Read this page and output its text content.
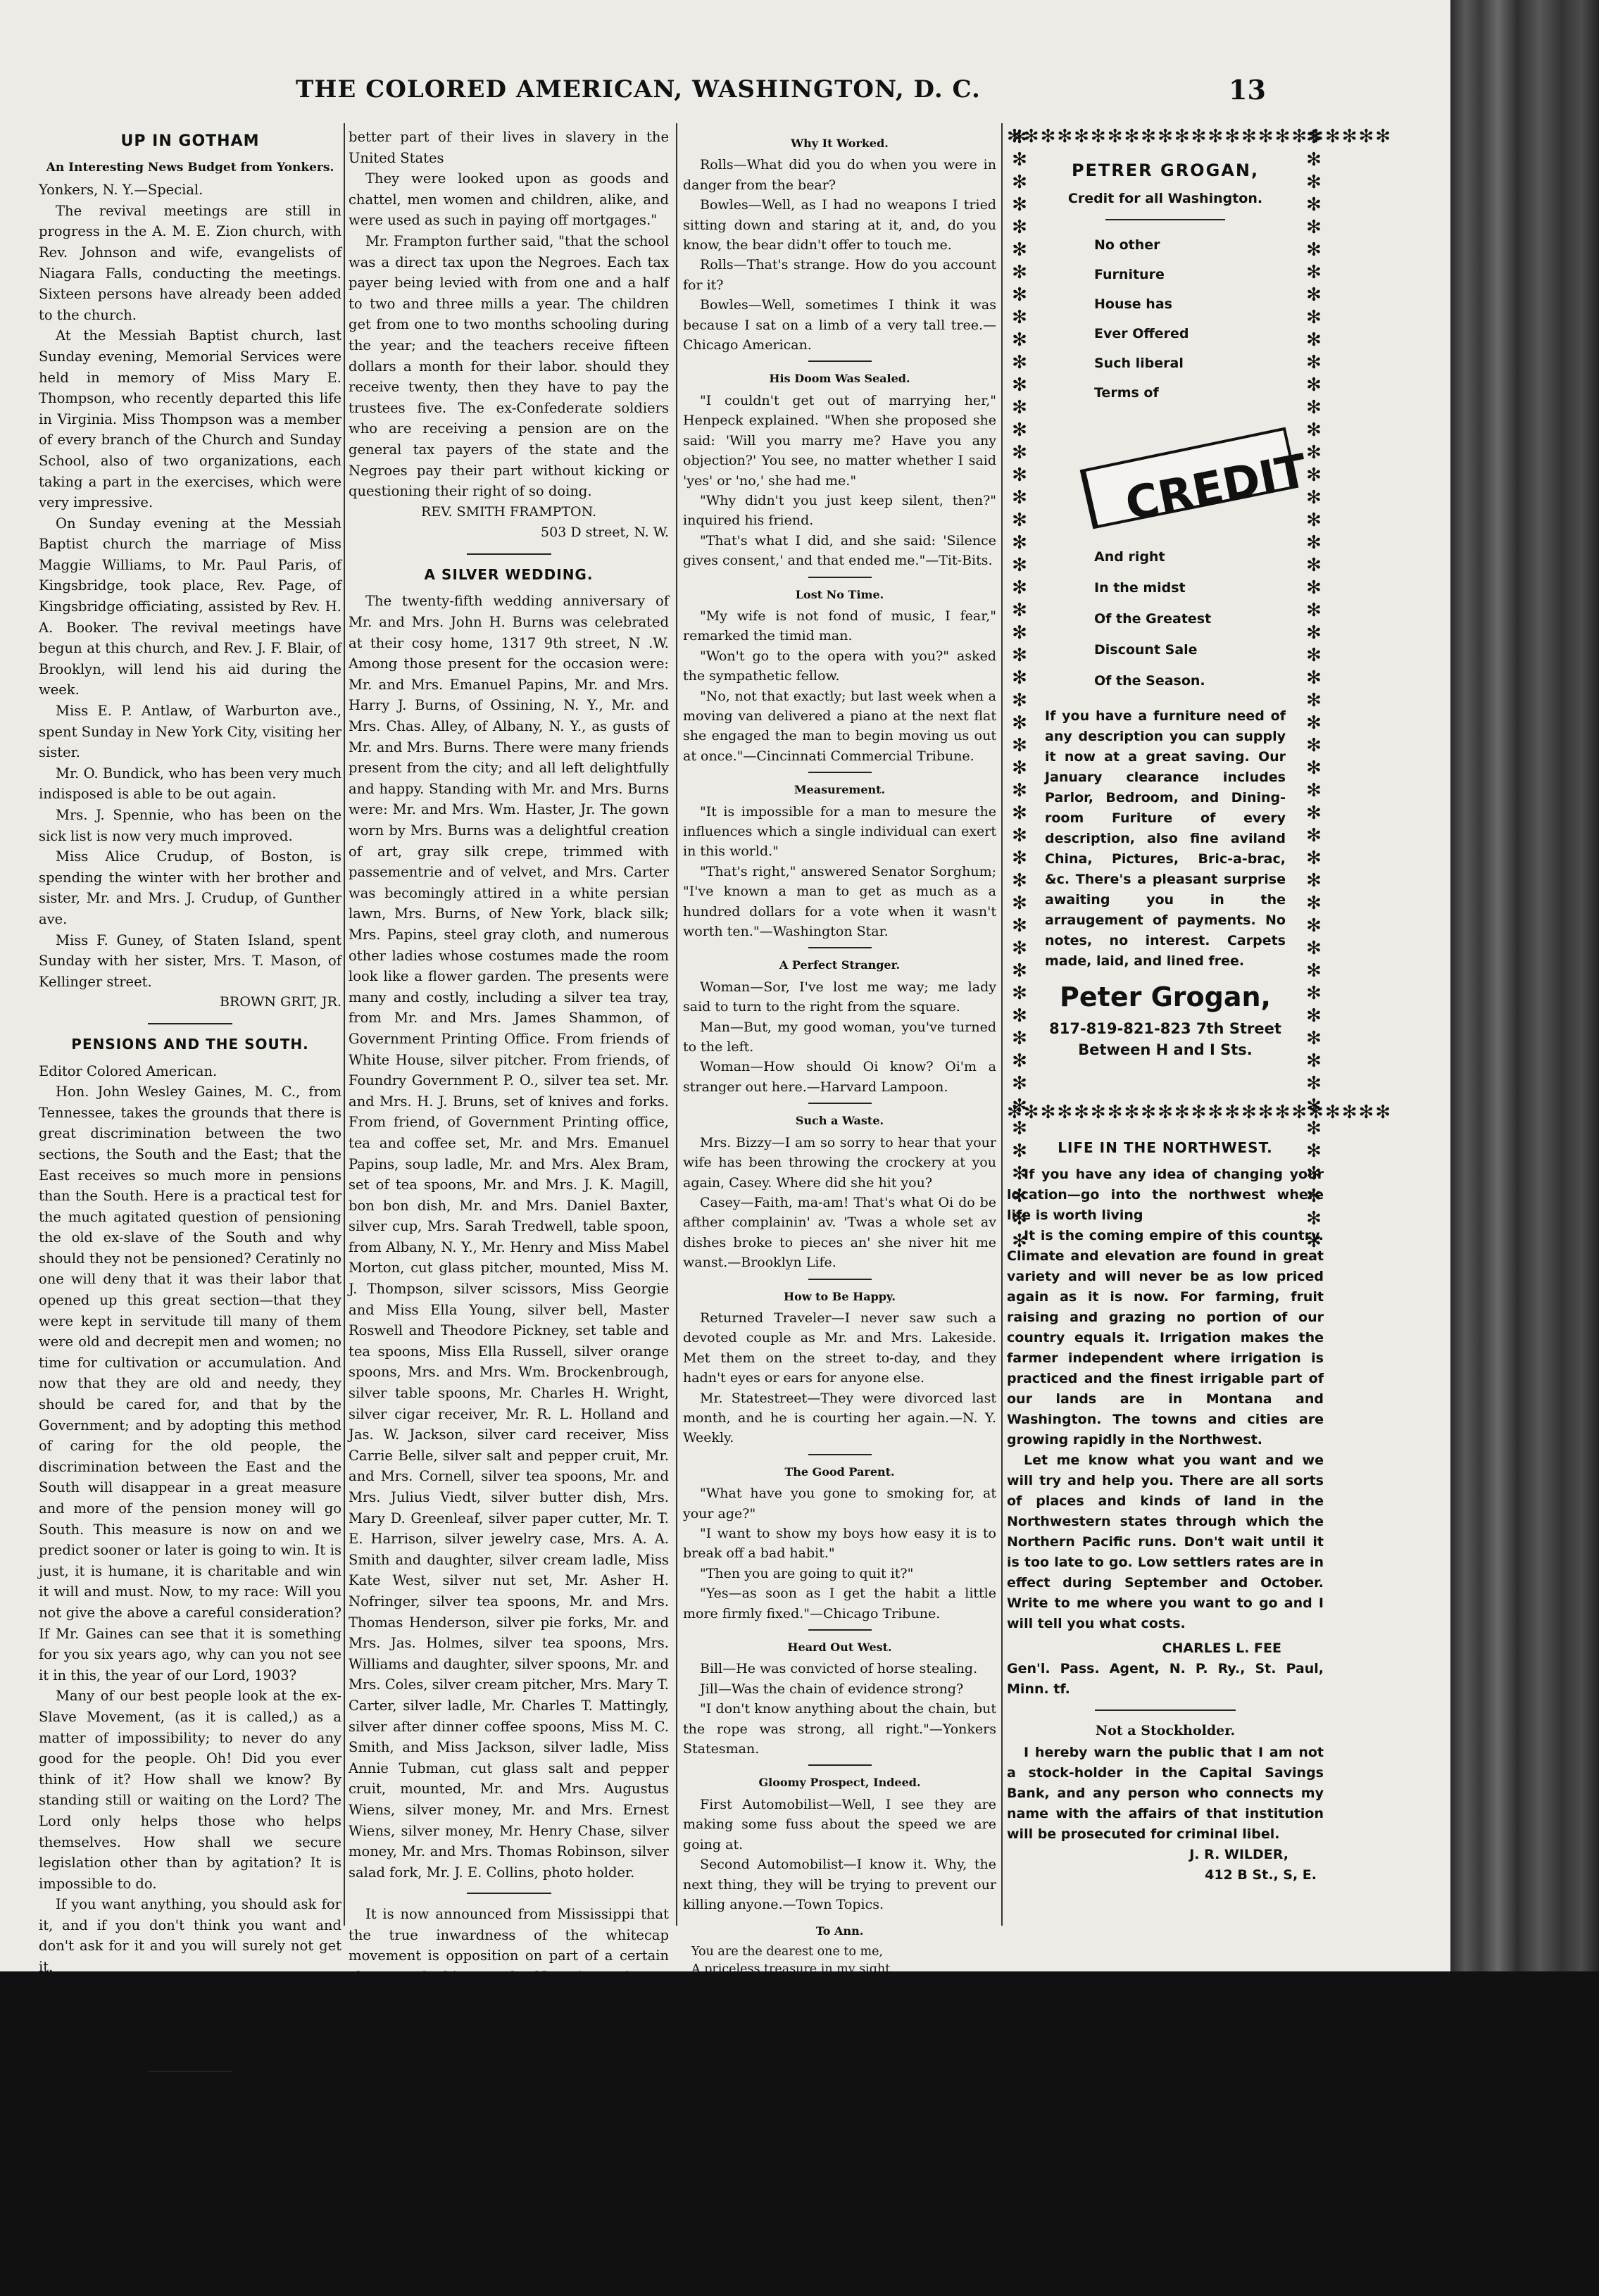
THE COLORED AMERICAN, WASHINGTON, D. C.	13
UP IN GOTHAM
An Interesting News Budget from Yonkers.

Yonkers, N. Y.—Special.

The revival meetings are still in progress in the A. M. E. Zion church, with Rev. Johnson and wife, evangelists of Niagara Falls, conducting the meetings. Sixteen persons have already been added to the church.

At the Messiah Baptist church, last Sunday evening, Memorial Services were held in memory of Miss Mary E. Thompson, who recently departed this life in Virginia. Miss Thompson was a member of every branch of the Church and Sunday School, also of two organizations, each taking a part in the exercises, which were very impressive.

On Sunday evening at the Messiah Baptist church the marriage of Miss Maggie Williams, to Mr. Paul Paris, of Kingsbridge, took place, Rev. Page, of Kingsbridge officiating, assisted by Rev. H. A. Booker. The revival meetings have begun at this church, and Rev. J. F. Blair, of Brooklyn, will lend his aid during the week.

Miss E. P. Antlaw, of Warburton ave., spent Sunday in New York City, visiting her sister.

Mr. O. Bundick, who has been very much indisposed is able to be out again.

Mrs. J. Spennie, who has been on the sick list is now very much improved.

Miss Alice Crudup, of Boston, is spending the winter with her brother and sister, Mr. and Mrs. J. Crudup, of Gunther ave.

Miss F. Guney, of Staten Island, spent Sunday with her sister, Mrs. T. Mason, of Kellinger street.

BROWN GRIT, JR.

PENSIONS AND THE SOUTH.

Editor Colored American.

Hon. John Wesley Gaines, M. C., from Tennessee, takes the grounds that there is great discrimination between the two sections, the South and the East; that the East receives so much more in pensions than the South. Here is a practical test for the much agitated question of pensioning the old ex-slave of the South and why should they not be pensioned? Ceratinly no one will deny that it was their labor that opened up this great section—that they were kept in servitude till many of them were old and decrepit men and women; no time for cultivation or accumulation. And now that they are old and needy, they should be cared for, and that by the Government; and by adopting this method of caring for the old people, the discrimination between the East and the South will disappear in a great measure and more of the pension money will go South. This measure is now on and we predict sooner or later is going to win. It is just, it is humane, it is charitable and win it will and must. Now, to my race: Will you not give the above a careful consideration? If Mr. Gaines can see that it is something for you six years ago, why can you not see it in this, the year of our Lord, 1903?

Many of our best people look at the ex-Slave Movement, (as it is called,) as a matter of impossibility; to never do any good for the people. Oh! Did you ever think of it? How shall we know? By standing still or waiting on the Lord? The Lord only helps those who helps themselves. How shall we secure legislation other than by agitation? It is impossible to do.

If you want anything, you should ask for it, and if you don't think you want and don't ask for it and you will surely not get it.

Respectfully,

I. L. WALTON,

No. 503 D St., N. W.

City.

REV. FRAMPTON INTERVIEWED.

Rev. Smith Frampton, of S. C., National President of the National Industrial Council of America, in a recent interview said:

"I don't care how much work the public schools might have to perform, the same has nothing to do with a class of people who have, for more than two hundred years, served the

better part of their lives in slavery in the United States

They were looked upon as goods and chattel, men women and children, alike, and were used as such in paying off mortgages."

Mr. Frampton further said, "that the school was a direct tax upon the Negroes. Each tax payer being levied with from one and a half to two and three mills a year. The children get from one to two months schooling during the year; and the teachers receive fifteen dollars a month for their labor. should they receive twenty, then they have to pay the trustees five. The ex-Confederate soldiers who are receiving a pension are on the general tax payers of the state and the Negroes pay their part without kicking or questioning their right of so doing.

REV. SMITH FRAMPTON.

503 D street, N. W.

A SILVER WEDDING.

The twenty-fifth wedding anniversary of Mr. and Mrs. John H. Burns was celebrated at their cosy home, 1317 9th street, N .W. Among those present for the occasion were: Mr. and Mrs. Emanuel Papins, Mr. and Mrs. Harry J. Burns, of Ossining, N. Y., Mr. and Mrs. Chas. Alley, of Albany, N. Y., as gusts of Mr. and Mrs. Burns. There were many friends present from the city; and all left delightfully and happy. Standing with Mr. and Mrs. Burns were: Mr. and Mrs. Wm. Haster, Jr. The gown worn by Mrs. Burns was a delightful creation of art, gray silk crepe, trimmed with passementrie and of velvet, and Mrs. Carter was becomingly attired in a white persian lawn, Mrs. Burns, of New York, black silk; Mrs. Papins, steel gray cloth, and numerous other ladies whose costumes made the room look like a flower garden. The presents were many and costly, including a silver tea tray, from Mr. and Mrs. James Shammon, of Government Printing Office. From friends of White House, silver pitcher. From friends, of Foundry Government P. O., silver tea set. Mr. and Mrs. H. J. Bruns, set of knives and forks. From friend, of Government Printing office, tea and coffee set, Mr. and Mrs. Emanuel Papins, soup ladle, Mr. and Mrs. Alex Bram, set of tea spoons, Mr. and Mrs. J. K. Magill, bon bon dish, Mr. and Mrs. Daniel Baxter, silver cup, Mrs. Sarah Tredwell, table spoon, from Albany, N. Y., Mr. Henry and Miss Mabel Morton, cut glass pitcher, mounted, Miss M. J. Thompson, silver scissors, Miss Georgie and Miss Ella Young, silver bell, Master Roswell and Theodore Pickney, set table and tea spoons, Miss Ella Russell, silver orange spoons, Mrs. and Mrs. Wm. Brockenbrough, silver table spoons, Mr. Charles H. Wright, silver cigar receiver, Mr. R. L. Holland and Jas. W. Jackson, silver card receiver, Miss Carrie Belle, silver salt and pepper cruit, Mr. and Mrs. Cornell, silver tea spoons, Mr. and Mrs. Julius Viedt, silver butter dish, Mrs. Mary D. Greenleaf, silver paper cutter, Mr. T. E. Harrison, silver jewelry case, Mrs. A. A. Smith and daughter, silver cream ladle, Miss Kate West, silver nut set, Mr. Asher H. Nofringer, silver tea spoons, Mr. and Mrs. Thomas Henderson, silver pie forks, Mr. and Mrs. Jas. Holmes, silver tea spoons, Mrs. Williams and daughter, silver spoons, Mr. and Mrs. Coles, silver cream pitcher, Mrs. Mary T. Carter, silver ladle, Mr. Charles T. Mattingly, silver after dinner coffee spoons, Miss M. C. Smith, and Miss Jackson, silver ladle, Miss Annie Tubman, cut glass salt and pepper cruit, mounted, Mr. and Mrs. Augustus Wiens, silver money, Mr. and Mrs. Ernest Wiens, silver money, Mr. Henry Chase, silver money, Mr. and Mrs. Thomas Robinson, silver salad fork, Mr. J. E. Collins, photo holder.

It is now announced from Mississippi that the true inwardness of the whitecap movement is opposition on part of a certain element of whites to the Negro's owning or controlling lands. This includes those who are renting and those who are purchasing. They also object to a black man's riding in a buggy with a top to it, and in a few cases tops have been torn from them. Assurance is given, however, that this state of feeling is not general, but is true of a few counties.

Why It Worked.

Rolls—What did you do when you were in danger from the bear?

Bowles—Well, as I had no weapons I tried sitting down and staring at it, and, do you know, the bear didn't offer to touch me.

Rolls—That's strange. How do you account for it?

Bowles—Well, sometimes I think it was because I sat on a limb of a very tall tree.—Chicago American.

His Doom Was Sealed.

"I couldn't get out of marrying her," Henpeck explained. "When she proposed she said: 'Will you marry me? Have you any objection?' You see, no matter whether I said 'yes' or 'no,' she had me."

"Why didn't you just keep silent, then?" inquired his friend.

"That's what I did, and she said: 'Silence gives consent,' and that ended me."—Tit-Bits.

Lost No Time.

"My wife is not fond of music, I fear," remarked the timid man.

"Won't go to the opera with you?" asked the sympathetic fellow.

"No, not that exactly; but last week when a moving van delivered a piano at the next flat she engaged the man to begin moving us out at once."—Cincinnati Commercial Tribune.

Measurement.

"It is impossible for a man to mesure the influences which a single individual can exert in this world."

"That's right," answered Senator Sorghum; "I've known a man to get as much as a hundred dollars for a vote when it wasn't worth ten."—Washington Star.

A Perfect Stranger.

Woman—Sor, I've lost me way; me lady said to turn to the right from the square.

Man—But, my good woman, you've turned to the left.

Woman—How should Oi know? Oi'm a stranger out here.—Harvard Lampoon.

Such a Waste.

Mrs. Bizzy—I am so sorry to hear that your wife has been throwing the crockery at you again, Casey. Where did she hit you?

Casey—Faith, ma-am! That's what Oi do be afther complainin' av. 'Twas a whole set av dishes broke to pieces an' she niver hit me wanst.—Brooklyn Life.

How to Be Happy.

Returned Traveler—I never saw such a devoted couple as Mr. and Mrs. Lakeside. Met them on the street to-day, and they hadn't eyes or ears for anyone else.

Mr. Statestreet—They were divorced last month, and he is courting her again.—N. Y. Weekly.

The Good Parent.

"What have you gone to smoking for, at your age?"

"I want to show my boys how easy it is to break off a bad habit."

"Then you are going to quit it?"

"Yes—as soon as I get the habit a little more firmly fixed."—Chicago Tribune.

Heard Out West.

Bill—He was convicted of horse stealing.

Jill—Was the chain of evidence strong?

"I don't know anything about the chain, but the rope was strong, all right."—Yonkers Statesman.

Gloomy Prospect, Indeed.

First Automobilist—Well, I see they are making some fuss about the speed we are going at.

Second Automobilist—I know it. Why, the next thing, they will be trying to prevent our killing anyone.—Town Topics.

To Ann.

You are the dearest one to me,

A priceless treasure in my sight,

Come share my humble home, and be

My own dear, dearest Ann Thracite.

—Chicago Chronicle.

✻✻✻✻✻✻✻✻✻✻✻✻✻✻✻✻✻✻✻✻✻✻✻
✻✻✻✻✻✻✻✻✻✻✻✻✻✻✻✻✻✻✻✻✻✻✻
✻✻✻✻✻✻✻✻✻✻✻✻✻✻✻✻✻✻✻✻✻✻✻✻✻✻✻✻✻✻✻✻✻✻✻✻✻✻✻✻✻✻✻✻✻✻✻✻✻✻	✻✻✻✻✻✻✻✻✻✻✻✻✻✻✻✻✻✻✻✻✻✻✻✻✻✻✻✻✻✻✻✻✻✻✻✻✻✻✻✻✻✻✻✻✻✻✻✻✻✻
PETRER GROGAN,
Credit for all Washington.
No other
Furniture
House has
Ever Offered
Such liberal
Terms of
CREDIT
And right
In the midst
Of the Greatest
Discount Sale
Of the Season.

If you have a furniture need of any description you can supply it now at a great saving. Our January clearance includes Parlor, Bedroom, and Dining-room Furiture of every description, also fine aviland China, Pictures, Bric-a-brac, &c. There's a pleasant surprise awaiting you in the arraugement of payments. No notes, no interest. Carpets made, laid, and lined free.

Peter Grogan,
817-819-821-823 7th Street
Between H and I Sts.
LIFE IN THE NORTHWEST.

If you have any idea of changing your location—go into the northwest where life is worth living

It is the coming empire of this country. Climate and elevation are found in great variety and will never be as low priced again as it is now. For farming, fruit raising and grazing no portion of our country equals it. Irrigation makes the farmer independent where irrigation is practiced and the finest irrigable part of our lands are in Montana and Washington. The towns and cities are growing rapidly in the Northwest.

Let me know what you want and we will try and help you. There are all sorts of places and kinds of land in the Northwestern states through which the Northern Pacific runs. Don't wait until it is too late to go. Low settlers rates are in effect during September and October. Write to me where you want to go and I will tell you what costs.

CHARLES L. FEE

Gen'l. Pass. Agent, N. P. Ry., St. Paul, Minn. tf.

Not a Stockholder.

I hereby warn the public that I am not a stock-holder in the Capital Savings Bank, and any person who connects my name with the affairs of that institution will be prosecuted for criminal libel.

J. R. WILDER,

412 B St., S, E.
